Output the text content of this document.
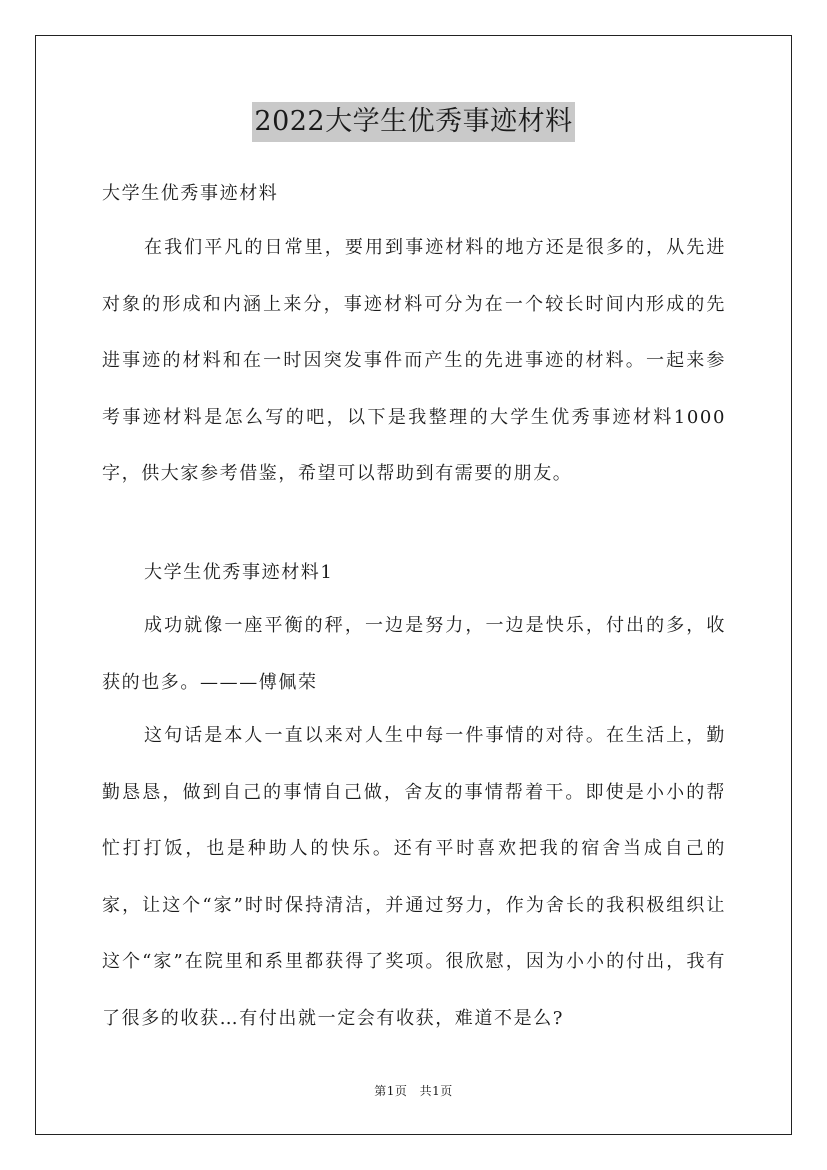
2022大学生优秀事迹材料
大学生优秀事迹材料

在我们平凡的日常里，要用到事迹材料的地方还是很多的，从先进对象的形成和内涵上来分，事迹材料可分为在一个较长时间内形成的先进事迹的材料和在一时因突发事件而产生的先进事迹的材料。一起来参考事迹材料是怎么写的吧，以下是我整理的大学生优秀事迹材料1000字，供大家参考借鉴，希望可以帮助到有需要的朋友。

大学生优秀事迹材料1

成功就像一座平衡的秤，一边是努力，一边是快乐，付出的多，收获的也多。———傅佩荣

这句话是本人一直以来对人生中每一件事情的对待。在生活上，勤勤恳恳，做到自己的事情自己做，舍友的事情帮着干。即使是小小的帮忙打打饭，也是种助人的快乐。还有平时喜欢把我的宿舍当成自己的家，让这个“家”时时保持清洁，并通过努力，作为舍长的我积极组织让这个“家”在院里和系里都获得了奖项。很欣慰，因为小小的付出，我有了很多的收获…有付出就一定会有收获，难道不是么?

第1页 共1页
